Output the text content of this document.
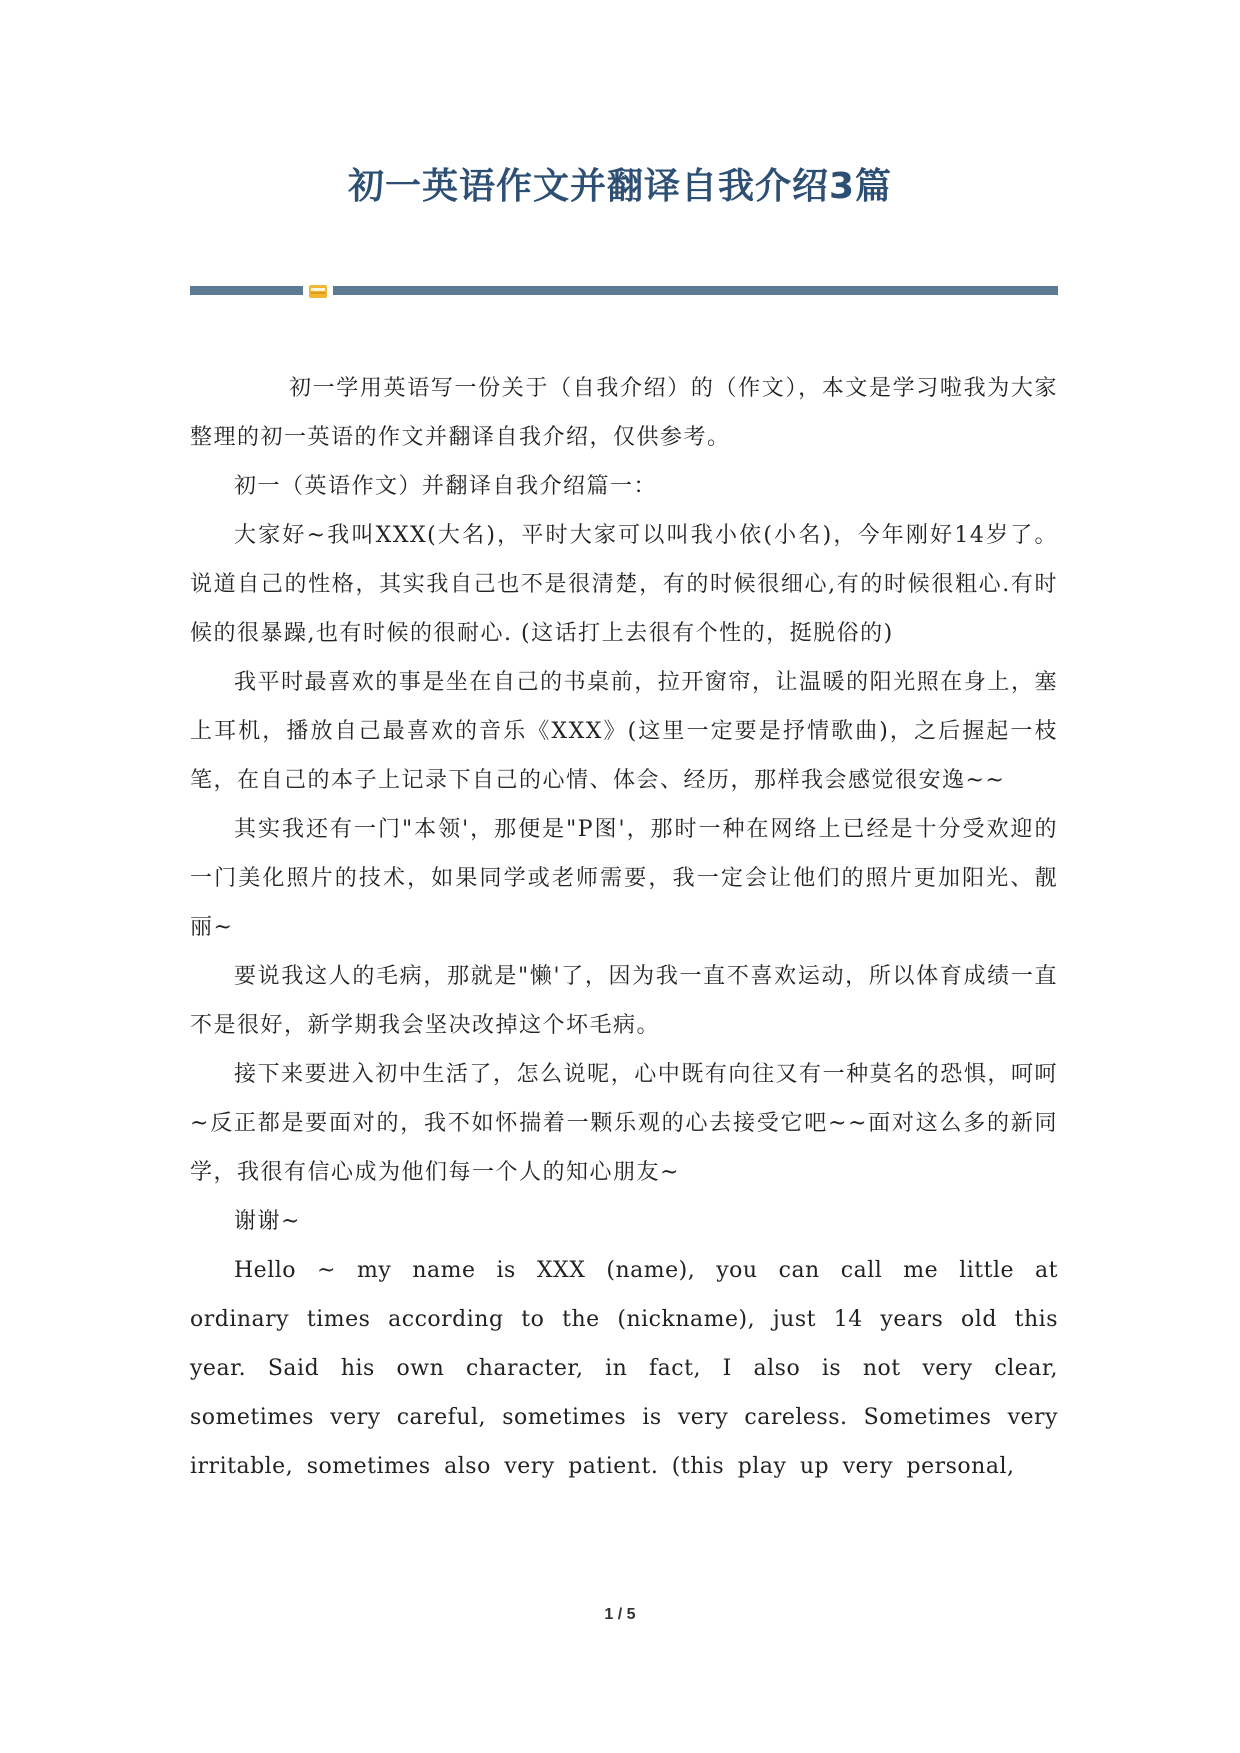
初一英语作文并翻译自我介绍3篇

初一学用英语写一份关于（自我介绍）的（作文），本文是学习啦我为大家整理的初一英语的作文并翻译自我介绍，仅供参考。

初一（英语作文）并翻译自我介绍篇一：

大家好~我叫XXX(大名)，平时大家可以叫我小依(小名)，今年刚好14岁了。说道自己的性格，其实我自己也不是很清楚，有的时候很细心,有的时候很粗心.有时候的很暴躁,也有时候的很耐心. (这话打上去很有个性的，挺脱俗的)

我平时最喜欢的事是坐在自己的书桌前，拉开窗帘，让温暖的阳光照在身上，塞上耳机，播放自己最喜欢的音乐《XXX》(这里一定要是抒情歌曲)，之后握起一枝笔，在自己的本子上记录下自己的心情、体会、经历，那样我会感觉很安逸~~

其实我还有一门"本领'，那便是"P图'，那时一种在网络上已经是十分受欢迎的一门美化照片的技术，如果同学或老师需要，我一定会让他们的照片更加阳光、靓丽~

要说我这人的毛病，那就是"懒'了，因为我一直不喜欢运动，所以体育成绩一直不是很好，新学期我会坚决改掉这个坏毛病。

接下来要进入初中生活了，怎么说呢，心中既有向往又有一种莫名的恐惧，呵呵~反正都是要面对的，我不如怀揣着一颗乐观的心去接受它吧~~面对这么多的新同学，我很有信心成为他们每一个人的知心朋友~

谢谢~

Hello ~ my name is XXX (name), you can call me little at ordinary times according to the (nickname), just 14 years old this year. Said his own character, in fact, I also is not very clear, sometimes very careful, sometimes is very careless. Sometimes very irritable, sometimes also very patient. (this play up very personal,

1 / 5
